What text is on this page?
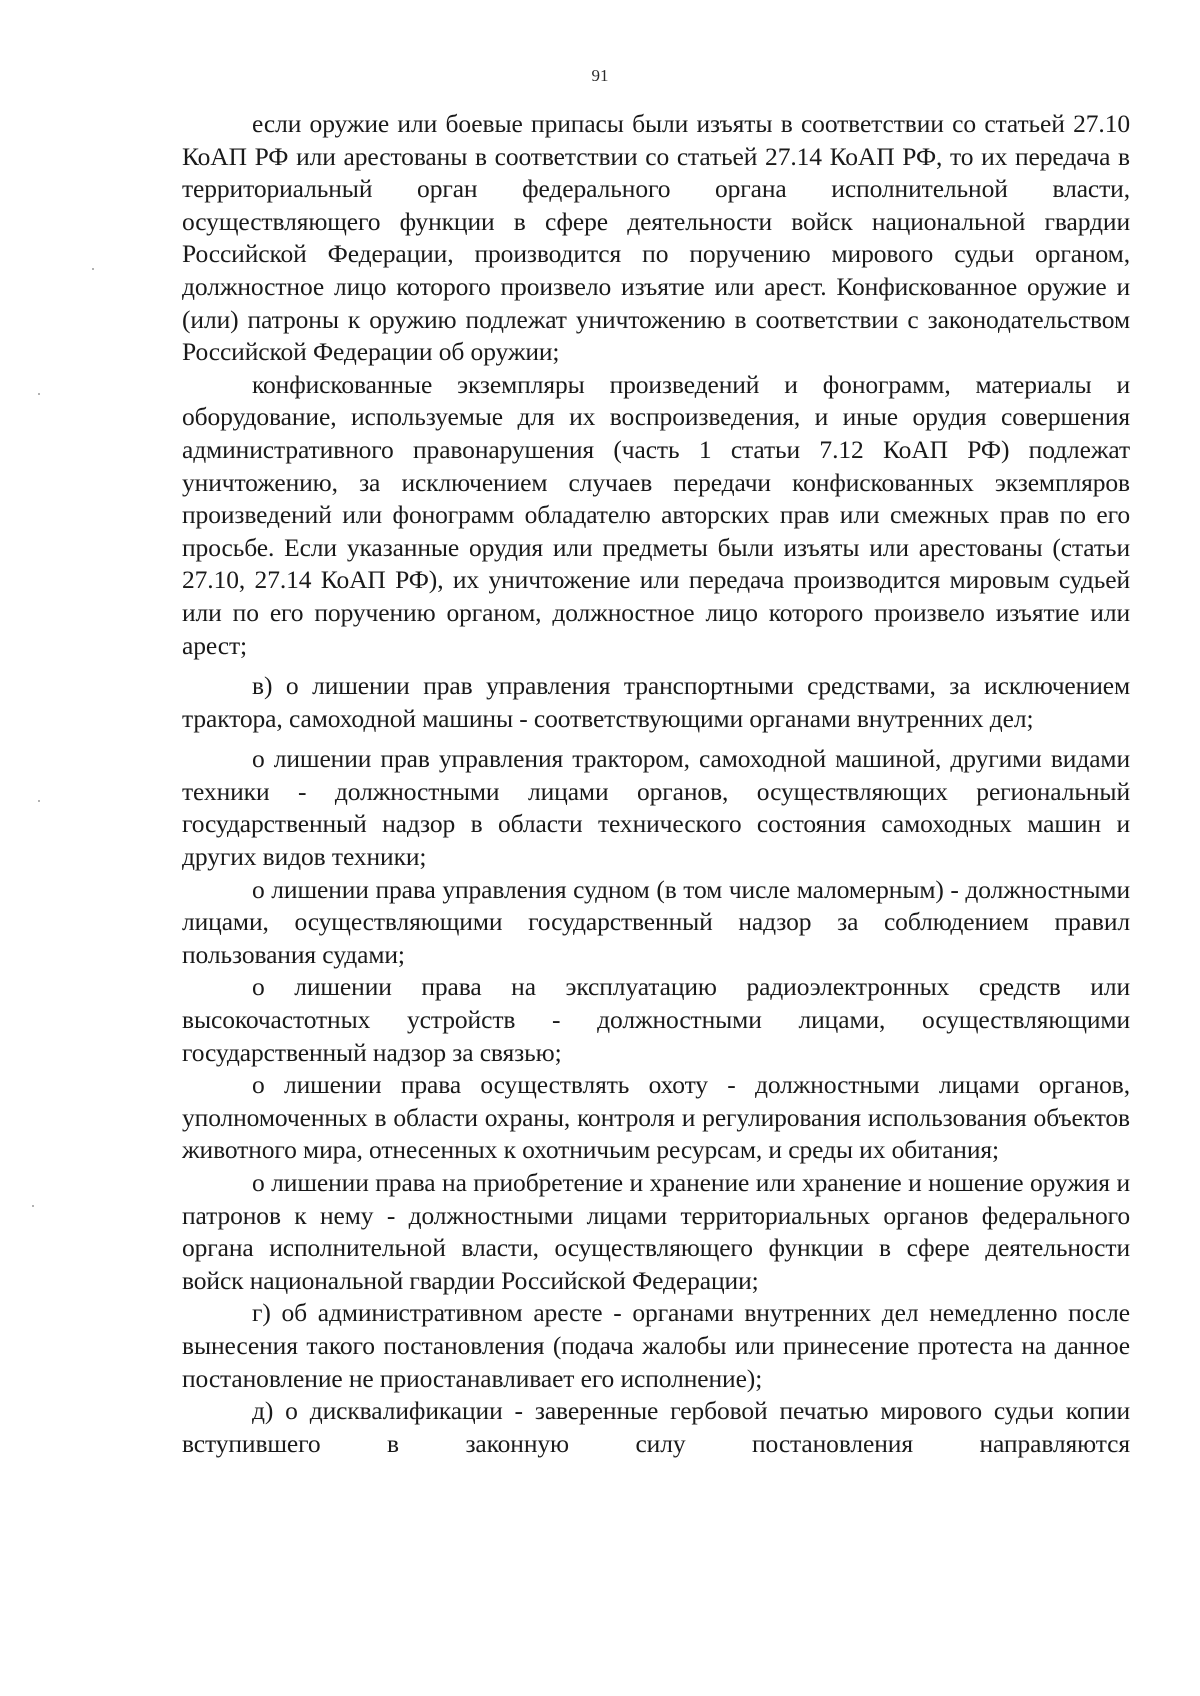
91

если оружие или боевые припасы были изъяты в соответствии со статьей 27.10 КоАП РФ или арестованы в соответствии со статьей 27.14 КоАП РФ, то их передача в территориальный орган федерального органа исполнительной власти, осуществляющего функции в сфере деятельности войск национальной гвардии Российской Федерации, производится по поручению мирового судьи органом, должностное лицо которого произвело изъятие или арест. Конфискованное оружие и (или) патроны к оружию подлежат уничтожению в соответствии с законодательством Российской Федерации об оружии;

конфискованные экземпляры произведений и фонограмм, материалы и оборудование, используемые для их воспроизведения, и иные орудия совершения административного правонарушения (часть 1 статьи 7.12 КоАП РФ) подлежат уничтожению, за исключением случаев передачи конфискованных экземпляров произведений или фонограмм обладателю авторских прав или смежных прав по его просьбе. Если указанные орудия или предметы были изъяты или арестованы (статьи 27.10, 27.14 КоАП РФ), их уничтожение или передача производится мировым судьей или по его поручению органом, должностное лицо которого произвело изъятие или арест;

в) о лишении прав управления транспортными средствами, за исключением трактора, самоходной машины - соответствующими органами внутренних дел;

о лишении прав управления трактором, самоходной машиной, другими видами техники - должностными лицами органов, осуществляющих региональный государственный надзор в области технического состояния самоходных машин и других видов техники;

о лишении права управления судном (в том числе маломерным) - должностными лицами, осуществляющими государственный надзор за соблюдением правил пользования судами;

о лишении права на эксплуатацию радиоэлектронных средств или высокочастотных устройств - должностными лицами, осуществляющими государственный надзор за связью;

о лишении права осуществлять охоту - должностными лицами органов, уполномоченных в области охраны, контроля и регулирования использования объектов животного мира, отнесенных к охотничьим ресурсам, и среды их обитания;

о лишении права на приобретение и хранение или хранение и ношение оружия и патронов к нему - должностными лицами территориальных органов федерального органа исполнительной власти, осуществляющего функции в сфере деятельности войск национальной гвардии Российской Федерации;

г) об административном аресте - органами внутренних дел немедленно после вынесения такого постановления (подача жалобы или принесение протеста на данное постановление не приостанавливает его исполнение);

д) о дисквалификации - заверенные гербовой печатью мирового судьи копии вступившего в законную силу постановления направляются
